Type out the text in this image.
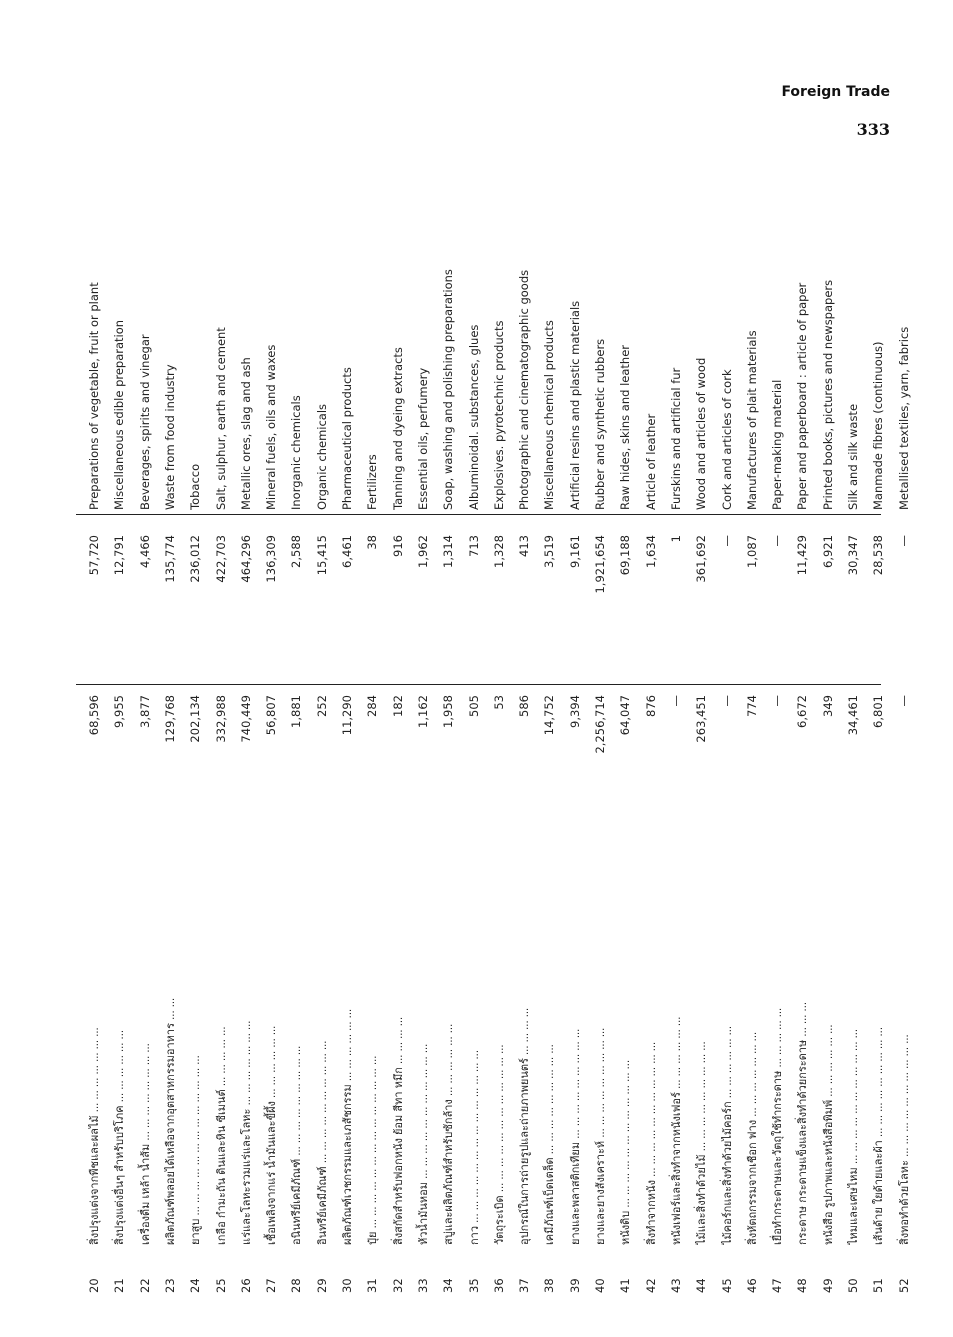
Foreign Trade
333
20
สิ่งปรุงแต่งจากพืชและผลไม้ ... ... ... ... ... ... ...
68,596
57,720
Preparations of vegetable, fruit or plant
21
สิ่งปรุงแต่งอื่นๆ สำหรับบริโภค ... ... ... ... ... ...
9,955
12,791
Miscellaneous edible preparation
22
เครื่องดื่ม เหล้า น้ำส้ม ... ... ... ... ... ... ... ...
3,877
4,466
Beverages, spirits and vinegar
23
ผลิตภัณฑ์พลอยได้เหลือจากอุตสาหกรรมอาหาร ... ...
129,768
135,774
Waste from food industry
24
ยาสูบ ... ... ... ... ... ... ... ... ... ... ... ... ...
202,134
236,012
Tobacco
25
เกลือ กำมะถัน ดินและหิน ซีเมนต์ ... ... ... ... ...
332,988
422,703
Salt, sulphur, earth and cement
26
แร่และโลหะรวมแร่และโลหะ ... ... ... ... ... ... ...
740,449
464,296
Metallic ores, slag and ash
27
เชื้อเพลิงจากแร่ น้ำมันและขี้ผึ้ง ... ... ... ... ... ...
56,807
136,309
Mineral fuels, oils and waxes
28
อนินทรีย์เคมีภัณฑ์ ... ... ... ... ... ... ... ... ...
1,881
2,588
Inorganic chemicals
29
อินทรีย์เคมีภัณฑ์ ... ... ... ... ... ... ... ... ... ...
252
15,415
Organic chemicals
30
ผลิตภัณฑ์เวชกรรมและเภสัชกรรม ... ... ... ... ... ...
11,290
6,461
Pharmaceutical products
31
ปุ๋ย ... ... ... ... ... ... ... ... ... ... ... ... ... ...
284
38
Fertilizers
32
สิ่งสกัดสำหรับฟอกหนัง ย้อม สีทา หมึก ... ... ... ...
182
916
Tanning and dyeing extracts
33
หัวน้ำมันหอม ... ... ... ... ... ... ... ... ... ... ...
1,162
1,962
Essential oils, perfumery
34
สบู่และผลิตภัณฑ์สำหรับซักล้าง ... ... ... ... ... ...
1,958
1,314
Soap, washing and polishing preparations
35
กาว ... ... ... ... ... ... ... ... ... ... ... ... ... ...
505
713
Albuminoidal. substances, glues
36
วัตถุระเบิด ... ... ... ... ... ... ... ... ... ... ... ...
53
1,328
Explosives. pyrotechnic products
37
อุปกรณ์ในการถ่ายรูปและถ่ายภาพยนตร์ ... ... ... ...
586
413
Photographic and cinematographic goods
38
เคมีภัณฑ์เบ็ดเตล็ด ... ... ... ... ... ... ... ... ...
14,752
3,519
Miscellaneous chemical products
39
ยางและพลาสติกเทียม ... ... ... ... ... ... ... ... ...
9,394
9,161
Artificial resins and plastic materials
40
ยางและยางสังเคราะห์ ... ... ... ... ... ... ... ... ...
2,256,714
1,921,654
Rubber and synthetic rubbers
41
หนังดิบ ... ... ... ... ... ... ... ... ... ... ... ...
64,047
69,188
Raw hides, skins and leather
42
สิ่งทำจากหนัง ... ... ... ... ... ... ... ... ... ... ...
876
1,634
Article of leather
43
หนังเฟอร์และสิ่งทำจากหนังเฟอร์ ... ... ... ... ... ...
—
1
Furskins and artificial fur
44
ไม้และสิ่งทำด้วยไม้ ... ... ... ... ... ... ... ... ...
263,451
361,692
Wood and articles of wood
45
ไม้คอร์กและสิ่งทำด้วยไม้คอร์ก ... ... ... ... ... ...
—
—
Cork and articles of cork
46
สิ่งหัตถกรรมจากเชือก ฟาง ... ... ... ... ... ... ...
774
1,087
Manufactures of plait materials
47
เยื่อทำกระดาษและวัตถุใช้ทำกระดาษ ... ... ... ... ...
—
—
Paper-making material
48
กระดาษ กระดาษแข็งและสิ่งทำด้วยกระดาษ ... ... ...
6,672
11,429
Paper and paperboard : article of paper
49
หนังสือ รูปภาพและหนังสือพิมพ์ ... ... ... ... ... ...
349
6,921
Printed books, pictures and newspapers
50
ไหมและเศษไหม ... ... ... ... ... ... ... ... ... ... ...
34,461
30,347
Silk and silk waste
51
เส้นด้าย ใยด้ายและผ้า ... ... ... ... ... ... ... ... ...
6,801
28,538
Manmade fibres (continuous)
52
สิ่งทอทำด้วยโลหะ ... ... ... ... ... ... ... ... ... ...
—
—
Metallised textiles, yarn, fabrics
